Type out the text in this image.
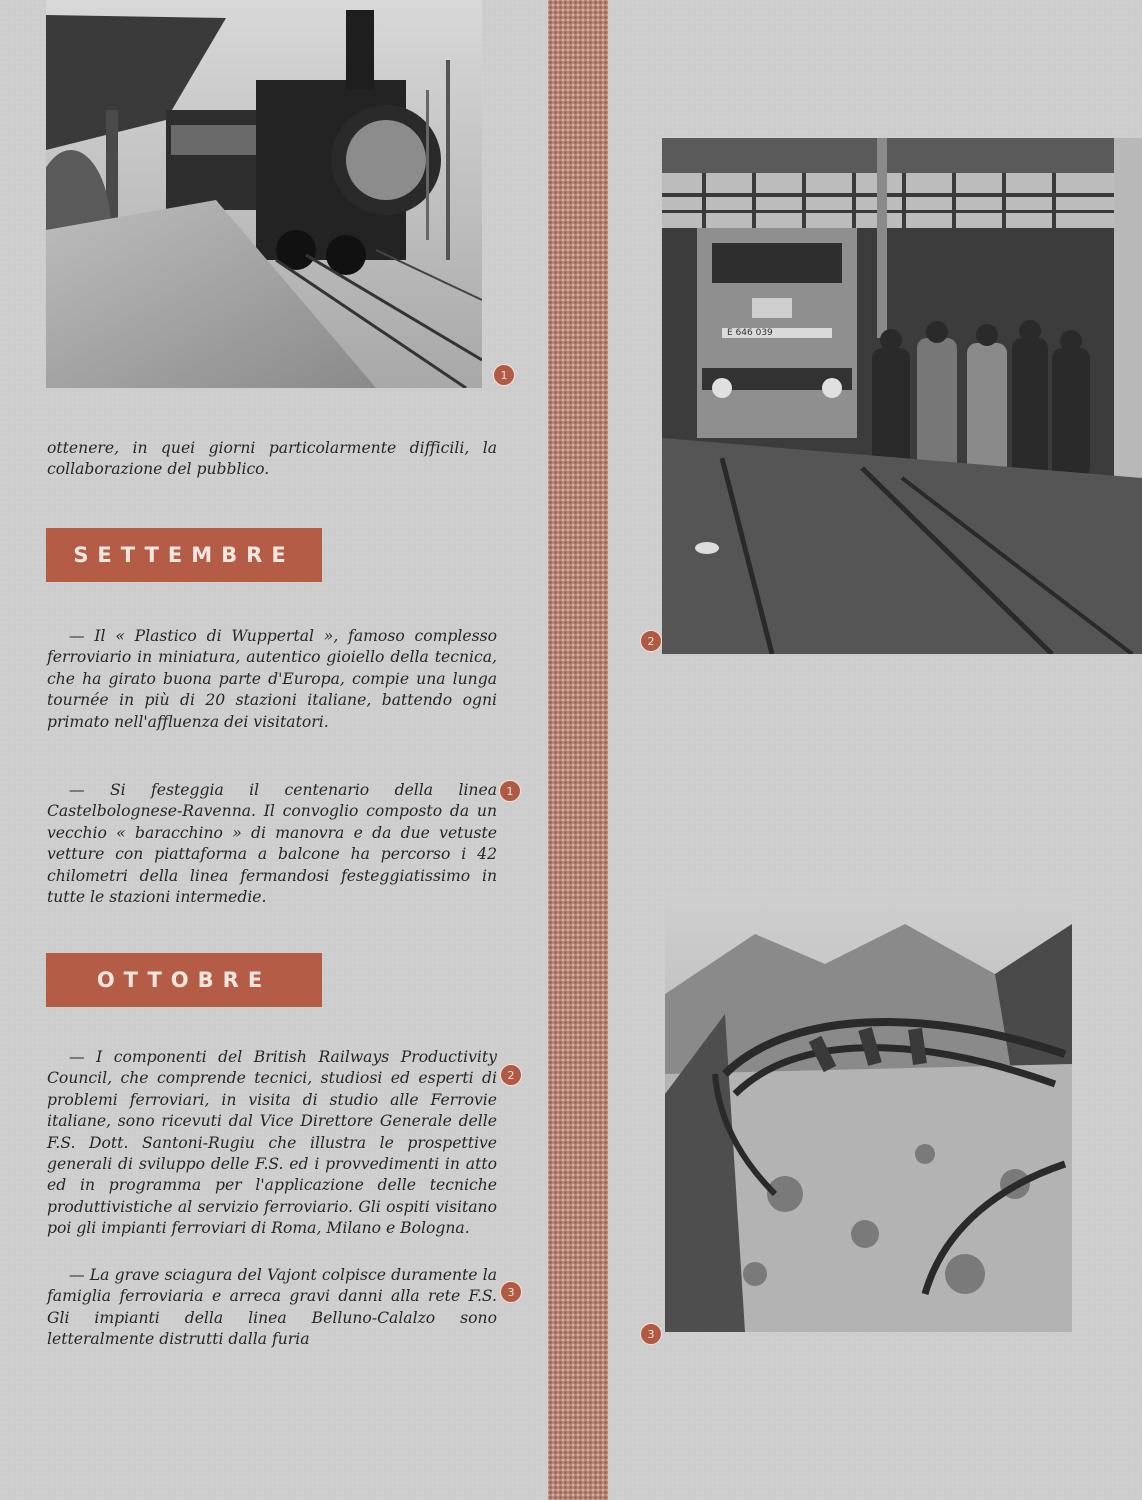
1
E 646 039
2
3
ottenere, in quei giorni particolarmente difficili, la collaborazione del pubblico.
SETTEMBRE
— Il « Plastico di Wuppertal », famoso complesso ferroviario in miniatura, autentico gioiello della tecnica, che ha girato buona parte d'Europa, compie una lunga tournée in più di 20 stazioni italiane, battendo ogni primato nell'affluenza dei visitatori.
— Si festeggia il centenario della linea Castelbolognese-Ravenna. Il convoglio composto da un vecchio « baracchino » di manovra e da due vetuste vetture con piattaforma a balcone ha percorso i 42 chilometri della linea fermandosi festeggiatissimo in tutte le stazioni intermedie.
1
OTTOBRE
— I componenti del British Railways Productivity Council, che comprende tecnici, studiosi ed esperti di problemi ferroviari, in visita di studio alle Ferrovie italiane, sono ricevuti dal Vice Direttore Generale delle F.S. Dott. Santoni-Rugiu che illustra le prospettive generali di sviluppo delle F.S. ed i provvedimenti in atto ed in programma per l'applicazione delle tecniche produttivistiche al servizio ferroviario. Gli ospiti visitano poi gli impianti ferroviari di Roma, Milano e Bologna.
2
— La grave sciagura del Vajont colpisce duramente la famiglia ferroviaria e arreca gravi danni alla rete F.S. Gli impianti della linea Belluno-Calalzo sono letteralmente distrutti dalla furia
3
